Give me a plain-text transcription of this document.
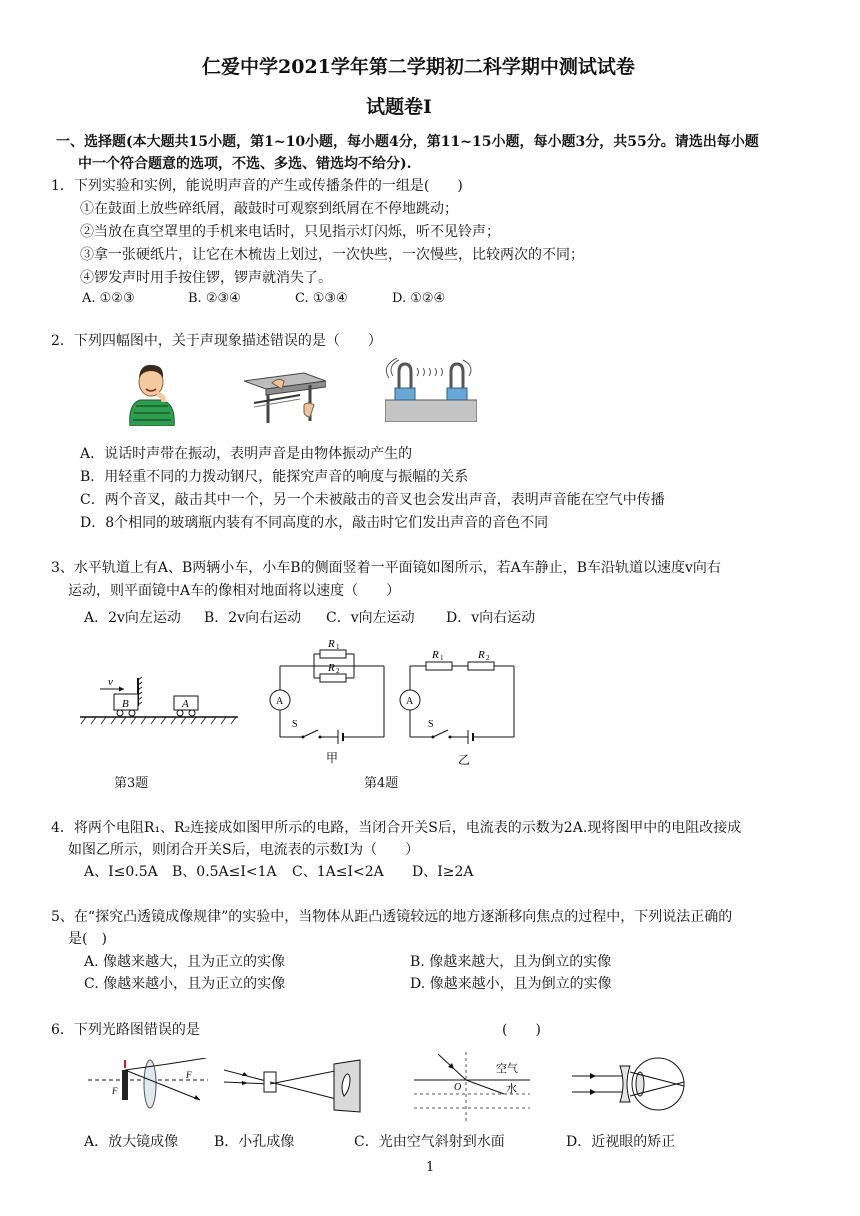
仁爱中学2021学年第二学期初二科学期中测试试卷
试题卷Ⅰ
一、选择题(本大题共15小题，第1~10小题，每小题4分，第11~15小题，每小题3分，共55分。请选出每小题
中一个符合题意的选项，不选、多选、错选均不给分).
1．下列实验和实例，能说明声音的产生或传播条件的一组是(　　)
①在鼓面上放些碎纸屑，敲鼓时可观察到纸屑在不停地跳动；
②当放在真空罩里的手机来电话时，只见指示灯闪烁，听不见铃声；
③拿一张硬纸片，让它在木梳齿上划过，一次快些，一次慢些，比较两次的不同；
④锣发声时用手按住锣，锣声就消失了。
A. ①②③	B. ②③④	C. ①③④	D. ①②④
2．下列四幅图中，关于声现象描述错误的是（　　）
A．说话时声带在振动，表明声音是由物体振动产生的
B．用轻重不同的力拨动钢尺，能探究声音的响度与振幅的关系
C．两个音叉，敲击其中一个，另一个未被敲击的音叉也会发出声音，表明声音能在空气中传播
D．8个相同的玻璃瓶内装有不同高度的水，敲击时它们发出声音的音色不同
3、水平轨道上有A、B两辆小车，小车B的侧面竖着一平面镜如图所示，若A车静止，B车沿轨道以速度v向右
运动，则平面镜中A车的像相对地面将以速度（　　）
A．2v向左运动 B．2v向右运动 C．v向左运动 D．v向右运动
v
B	A
第3题
R 1
R 2
A
S
甲
R 1	R 2
A
S
乙
第4题
4．将两个电阻R₁、R₂连接成如图甲所示的电路，当闭合开关S后，电流表的示数为2A.现将图甲中的电阻改接成
如图乙所示，则闭合开关S后，电流表的示数I为（　　）
A、I≤0.5A B、0.5A≤I<1A C、1A≤I<2A D、I≥2A
5、在“探究凸透镜成像规律”的实验中，当物体从距凸透镜较远的地方逐渐移向焦点的过程中，下列说法正确的
是(　)
A. 像越来越大，且为正立的实像	B. 像越来越大，且为倒立的实像
C. 像越来越小，且为正立的实像	D. 像越来越小，且为倒立的实像
6．下列光路图错误的是	(　　)
F
F	空气
水
O
A．放大镜成像	B．小孔成像	C．光由空气斜射到水面	D．近视眼的矫正
1
